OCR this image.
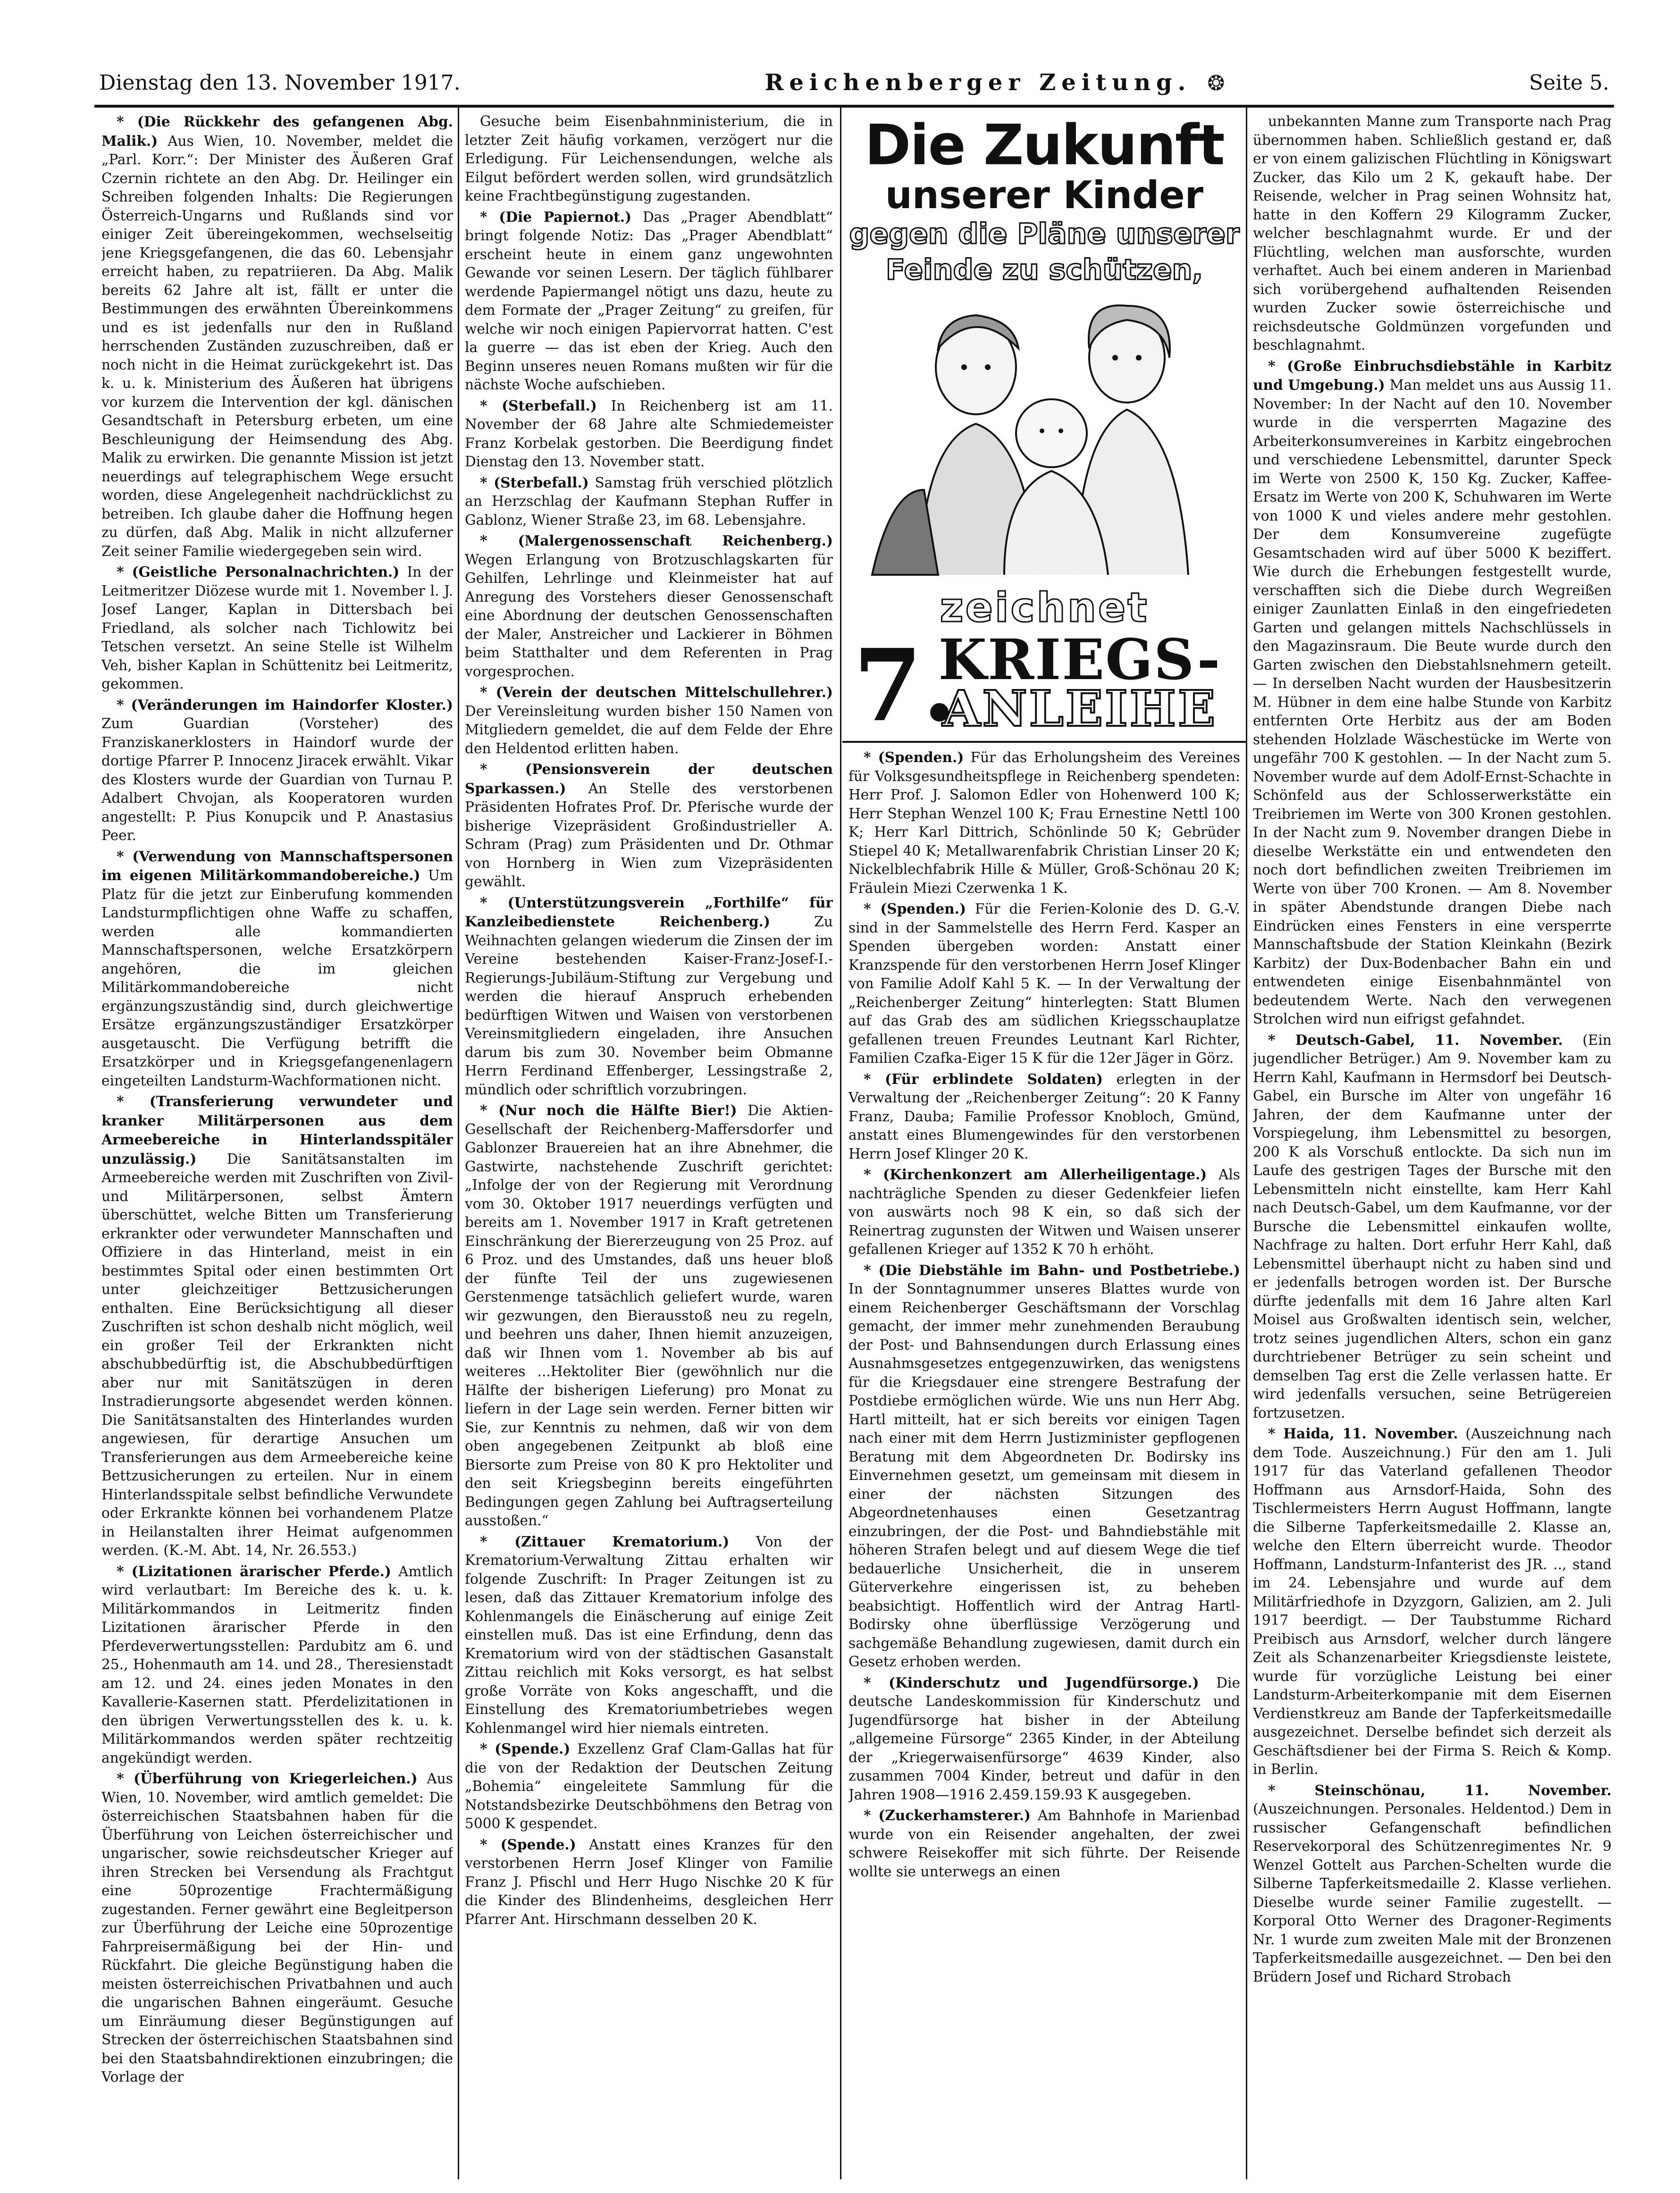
Dienstag den 13. November 1917.	Reichenberger Zeitung. ❂	Seite 5.

* (Die Rückkehr des gefangenen Abg. Malik.) Aus Wien, 10. November, meldet die „Parl. Korr.“: Der Minister des Äußeren Graf Czernin richtete an den Abg. Dr. Heilinger ein Schreiben folgenden Inhalts: Die Regierungen Österreich-Ungarns und Rußlands sind vor einiger Zeit übereingekommen, wechselseitig jene Kriegsgefangenen, die das 60. Lebensjahr erreicht haben, zu repatriieren. Da Abg. Malik bereits 62 Jahre alt ist, fällt er unter die Bestimmungen des erwähnten Übereinkommens und es ist jedenfalls nur den in Rußland herrschenden Zuständen zuzuschreiben, daß er noch nicht in die Heimat zurückgekehrt ist. Das k. u. k. Ministerium des Äußeren hat übrigens vor kurzem die Intervention der kgl. dänischen Gesandtschaft in Petersburg erbeten, um eine Beschleunigung der Heimsendung des Abg. Malik zu erwirken. Die genannte Mission ist jetzt neuerdings auf telegraphischem Wege ersucht worden, diese Angelegenheit nachdrücklichst zu betreiben. Ich glaube daher die Hoffnung hegen zu dürfen, daß Abg. Malik in nicht allzuferner Zeit seiner Familie wiedergegeben sein wird.

* (Geistliche Personalnachrichten.) In der Leitmeritzer Diözese wurde mit 1. November l. J. Josef Langer, Kaplan in Dittersbach bei Friedland, als solcher nach Tichlowitz bei Tetschen versetzt. An seine Stelle ist Wilhelm Veh, bisher Kaplan in Schüttenitz bei Leitmeritz, gekommen.

* (Veränderungen im Haindorfer Kloster.) Zum Guardian (Vorsteher) des Franziskanerklosters in Haindorf wurde der dortige Pfarrer P. Innocenz Jiracek erwählt. Vikar des Klosters wurde der Guardian von Turnau P. Adalbert Chvojan, als Kooperatoren wurden angestellt: P. Pius Konupcik und P. Anastasius Peer.

* (Verwendung von Mannschaftspersonen im eigenen Militärkommandobereiche.) Um Platz für die jetzt zur Einberufung kommenden Landsturmpflichtigen ohne Waffe zu schaffen, werden alle kommandierten Mannschaftspersonen, welche Ersatzkörpern angehören, die im gleichen Militärkommandobereiche nicht ergänzungszuständig sind, durch gleichwertige Ersätze ergänzungszuständiger Ersatzkörper ausgetauscht. Die Verfügung betrifft die Ersatzkörper und in Kriegsgefangenenlagern eingeteilten Landsturm-Wachformationen nicht.

* (Transferierung verwundeter und kranker Militärpersonen aus dem Armeebereiche in Hinterlandsspitäler unzulässig.) Die Sanitätsanstalten im Armeebereiche werden mit Zuschriften von Zivil- und Militärpersonen, selbst Ämtern überschüttet, welche Bitten um Transferierung erkrankter oder verwundeter Mannschaften und Offiziere in das Hinterland, meist in ein bestimmtes Spital oder einen bestimmten Ort unter gleichzeitiger Bettzusicherungen enthalten. Eine Berücksichtigung all dieser Zuschriften ist schon deshalb nicht möglich, weil ein großer Teil der Erkrankten nicht abschubbedürftig ist, die Abschubbedürftigen aber nur mit Sanitätszügen in deren Instradierungsorte abgesendet werden können. Die Sanitätsanstalten des Hinterlandes wurden angewiesen, für derartige Ansuchen um Transferierungen aus dem Armeebereiche keine Bettzusicherungen zu erteilen. Nur in einem Hinterlandsspitale selbst befindliche Verwundete oder Erkrankte können bei vorhandenem Platze in Heilanstalten ihrer Heimat aufgenommen werden. (K.-M. Abt. 14, Nr. 26.553.)

* (Lizitationen ärarischer Pferde.) Amtlich wird verlautbart: Im Bereiche des k. u. k. Militärkommandos in Leitmeritz finden Lizitationen ärarischer Pferde in den Pferdeverwertungsstellen: Pardubitz am 6. und 25., Hohenmauth am 14. und 28., Theresienstadt am 12. und 24. eines jeden Monates in den Kavallerie-Kasernen statt. Pferdelizitationen in den übrigen Verwertungsstellen des k. u. k. Militärkommandos werden später rechtzeitig angekündigt werden.

* (Überführung von Kriegerleichen.) Aus Wien, 10. November, wird amtlich gemeldet: Die österreichischen Staatsbahnen haben für die Überführung von Leichen österreichischer und ungarischer, sowie reichsdeutscher Krieger auf ihren Strecken bei Versendung als Frachtgut eine 50prozentige Frachtermäßigung zugestanden. Ferner gewährt eine Begleitperson zur Überführung der Leiche eine 50prozentige Fahrpreisermäßigung bei der Hin- und Rückfahrt. Die gleiche Begünstigung haben die meisten österreichischen Privatbahnen und auch die ungarischen Bahnen eingeräumt. Gesuche um Einräumung dieser Begünstigungen auf Strecken der österreichischen Staatsbahnen sind bei den Staatsbahndirektionen einzubringen; die Vorlage der

Gesuche beim Eisenbahnministerium, die in letzter Zeit häufig vorkamen, verzögert nur die Erledigung. Für Leichensendungen, welche als Eilgut befördert werden sollen, wird grundsätzlich keine Frachtbegünstigung zugestanden.

* (Die Papiernot.) Das „Prager Abendblatt“ bringt folgende Notiz: Das „Prager Abendblatt“ erscheint heute in einem ganz ungewohnten Gewande vor seinen Lesern. Der täglich fühlbarer werdende Papiermangel nötigt uns dazu, heute zu dem Formate der „Prager Zeitung“ zu greifen, für welche wir noch einigen Papiervorrat hatten. C'est la guerre — das ist eben der Krieg. Auch den Beginn unseres neuen Romans mußten wir für die nächste Woche aufschieben.

* (Sterbefall.) In Reichenberg ist am 11. November der 68 Jahre alte Schmiedemeister Franz Korbelak gestorben. Die Beerdigung findet Dienstag den 13. November statt.

* (Sterbefall.) Samstag früh verschied plötzlich an Herzschlag der Kaufmann Stephan Ruffer in Gablonz, Wiener Straße 23, im 68. Lebensjahre.

* (Malergenossenschaft Reichenberg.) Wegen Erlangung von Brotzuschlagskarten für Gehilfen, Lehrlinge und Kleinmeister hat auf Anregung des Vorstehers dieser Genossenschaft eine Abordnung der deutschen Genossenschaften der Maler, Anstreicher und Lackierer in Böhmen beim Statthalter und dem Referenten in Prag vorgesprochen.

* (Verein der deutschen Mittelschullehrer.) Der Vereinsleitung wurden bisher 150 Namen von Mitgliedern gemeldet, die auf dem Felde der Ehre den Heldentod erlitten haben.

* (Pensionsverein der deutschen Sparkassen.) An Stelle des verstorbenen Präsidenten Hofrates Prof. Dr. Pferische wurde der bisherige Vizepräsident Großindustrieller A. Schram (Prag) zum Präsidenten und Dr. Othmar von Hornberg in Wien zum Vizepräsidenten gewählt.

* (Unterstützungsverein „Forthilfe“ für Kanzleibedienstete Reichenberg.)	Zu Weihnachten gelangen wiederum die Zinsen der im Vereine bestehenden Kaiser-Franz-Josef-I.-Regierungs-Jubiläum-Stiftung zur Vergebung und werden die hierauf Anspruch erhebenden bedürftigen Witwen und Waisen von verstorbenen Vereinsmitgliedern eingeladen, ihre Ansuchen darum bis zum 30. November beim Obmanne Herrn Ferdinand Effenberger, Lessingstraße 2, mündlich oder schriftlich vorzubringen.

* (Nur noch die Hälfte Bier!) Die Aktien-Gesellschaft der Reichenberg-Maffersdorfer und Gablonzer Brauereien hat an ihre Abnehmer, die Gastwirte, nachstehende Zuschrift gerichtet: „Infolge der von der Regierung mit Verordnung vom 30. Oktober 1917 neuerdings verfügten und bereits am 1. November 1917 in Kraft getretenen Einschränkung der Biererzeugung von 25 Proz. auf 6 Proz. und des Umstandes, daß uns heuer bloß der fünfte Teil der uns zugewiesenen Gerstenmenge tatsächlich geliefert wurde, waren wir gezwungen, den Bierausstoß neu zu regeln, und beehren uns daher, Ihnen hiemit anzuzeigen, daß wir Ihnen vom 1. November ab bis auf weiteres ...Hektoliter Bier (gewöhnlich nur die Hälfte der bisherigen Lieferung) pro Monat zu liefern in der Lage sein werden. Ferner bitten wir Sie, zur Kenntnis zu nehmen, daß wir von dem oben angegebenen Zeitpunkt ab bloß eine Biersorte zum Preise von 80 K pro Hektoliter und den seit Kriegsbeginn bereits eingeführten Bedingungen gegen Zahlung bei Auftragserteilung ausstoßen.“

* (Zittauer Krematorium.) Von der Krematorium-Verwaltung Zittau erhalten wir folgende Zuschrift: In Prager Zeitungen ist zu lesen, daß das Zittauer Krematorium infolge des Kohlenmangels die Einäscherung auf einige Zeit einstellen muß. Das ist eine Erfindung, denn das Krematorium wird von der städtischen Gasanstalt Zittau reichlich mit Koks versorgt, es hat selbst große Vorräte von Koks angeschafft, und die Einstellung des Krematoriumbetriebes wegen Kohlenmangel wird hier niemals eintreten.

* (Spende.) Exzellenz Graf Clam-Gallas hat für die von der Redaktion der Deutschen Zeitung „Bohemia“ eingeleitete Sammlung für die Notstandsbezirke Deutschböhmens den Betrag von 5000 K gespendet.

* (Spende.) Anstatt eines Kranzes für den verstorbenen Herrn Josef Klinger von Familie Franz J. Pfischl und Herr Hugo Nischke 20 K für die Kinder des Blindenheims, desgleichen Herr Pfarrer Ant. Hirschmann desselben 20 K.

* (Spenden.) Für das Erholungsheim des Vereines für Volksgesundheitspflege in Reichenberg spendeten: Herr Prof. J. Salomon Edler von Hohenwerd 100 K; Herr Stephan Wenzel 100 K; Frau Ernestine Nettl 100 K; Herr Karl Dittrich, Schönlinde 50 K; Gebrüder Stiepel 40 K; Metallwarenfabrik Christian Linser 20 K; Nickelblechfabrik Hille & Müller, Groß-Schönau 20 K; Fräulein Miezi Czerwenka 1 K.

* (Spenden.) Für die Ferien-Kolonie des D. G.-V. sind in der Sammelstelle des Herrn Ferd. Kasper an Spenden übergeben worden: Anstatt einer Kranzspende für den verstorbenen Herrn Josef Klinger von Familie Adolf Kahl 5 K. — In der Verwaltung der „Reichenberger Zeitung“ hinterlegten: Statt Blumen auf das Grab des am südlichen Kriegsschauplatze gefallenen treuen Freundes Leutnant Karl Richter, Familien Czafka-Eiger 15 K für die 12er Jäger in Görz.

* (Für erblindete Soldaten) erlegten in der Verwaltung der „Reichenberger Zeitung“: 20 K Fanny Franz, Dauba; Familie Professor Knobloch, Gmünd, anstatt eines Blumengewindes für den verstorbenen Herrn Josef Klinger 20 K.

* (Kirchenkonzert am Allerheiligentage.) Als nachträgliche Spenden zu dieser Gedenkfeier liefen von auswärts noch 98 K ein, so daß sich der Reinertrag zugunsten der Witwen und Waisen unserer gefallenen Krieger auf 1352 K 70 h erhöht.

* (Die Diebstähle im Bahn- und Postbetriebe.) In der Sonntagnummer unseres Blattes wurde von einem Reichenberger Geschäftsmann der Vorschlag gemacht, der immer mehr zunehmenden Beraubung der Post- und Bahnsendungen durch Erlassung eines Ausnahmsgesetzes entgegenzuwirken, das wenigstens für die Kriegsdauer eine strengere Bestrafung der Postdiebe ermöglichen würde. Wie uns nun Herr Abg. Hartl mitteilt, hat er sich bereits vor einigen Tagen nach einer mit dem Herrn Justizminister gepflogenen Beratung mit dem Abgeordneten Dr. Bodirsky ins Einvernehmen gesetzt, um gemeinsam mit diesem in einer der nächsten Sitzungen des Abgeordnetenhauses einen Gesetzantrag einzubringen, der die Post- und Bahndiebstähle mit höheren Strafen belegt und auf diesem Wege die tief bedauerliche Unsicherheit, die in unserem Güterverkehre eingerissen ist, zu beheben beabsichtigt. Hoffentlich wird der Antrag Hartl-Bodirsky ohne überflüssige Verzögerung und sachgemäße Behandlung zugewiesen, damit durch ein Gesetz erhoben werden.

* (Kinderschutz und Jugendfürsorge.) Die deutsche Landeskommission für Kinderschutz und Jugendfürsorge hat bisher in der Abteilung „allgemeine Fürsorge“ 2365 Kinder, in der Abteilung der „Kriegerwaisenfürsorge“ 4639 Kinder, also zusammen 7004 Kinder, betreut und dafür in den Jahren 1908—1916 2.459.159.93 K ausgegeben.

* (Zuckerhamsterer.) Am Bahnhofe in Marienbad wurde von ein Reisender angehalten, der zwei schwere Reisekoffer mit sich führte. Der Reisende wollte sie unterwegs an einen

unbekannten Manne zum Transporte nach Prag übernommen haben. Schließlich gestand er, daß er von einem galizischen Flüchtling in Königswart Zucker, das Kilo um 2 K, gekauft habe. Der Reisende, welcher in Prag seinen Wohnsitz hat, hatte in den Koffern 29 Kilogramm Zucker, welcher beschlagnahmt wurde. Er und der Flüchtling, welchen man ausforschte, wurden verhaftet. Auch bei einem anderen in Marienbad sich vorübergehend aufhaltenden Reisenden wurden Zucker sowie österreichische und reichsdeutsche Goldmünzen vorgefunden und beschlagnahmt.

* (Große Einbruchsdiebstähle in Karbitz und Umgebung.) Man meldet uns aus Aussig 11. November: In der Nacht auf den 10. November wurde in die versperrten Magazine des Arbeiterkonsumvereines in Karbitz eingebrochen und verschiedene Lebensmittel, darunter Speck im Werte von 2500 K, 150 Kg. Zucker, Kaffee-Ersatz im Werte von 200 K, Schuhwaren im Werte von 1000 K und vieles andere mehr gestohlen. Der dem Konsumvereine zugefügte Gesamtschaden wird auf über 5000 K beziffert. Wie durch die Erhebungen festgestellt wurde, verschafften sich die Diebe durch Wegreißen einiger Zaunlatten Einlaß in den eingefriedeten Garten und gelangen mittels Nachschlüssels in den Magazinsraum. Die Beute wurde durch den Garten zwischen den Diebstahlsnehmern geteilt. — In derselben Nacht wurden der Hausbesitzerin M. Hübner in dem eine halbe Stunde von Karbitz entfernten Orte Herbitz aus der am Boden stehenden Holzlade Wäschestücke im Werte von ungefähr 700 K gestohlen. — In der Nacht zum 5. November wurde auf dem Adolf-Ernst-Schachte in Schönfeld aus der Schlosserwerkstätte ein Treibriemen im Werte von 300 Kronen gestohlen. In der Nacht zum 9. November drangen Diebe in dieselbe Werkstätte ein und entwendeten den noch dort befindlichen zweiten Treibriemen im Werte von über 700 Kronen. — Am 8. November in später Abendstunde drangen Diebe nach Eindrücken eines Fensters in eine versperrte Mannschaftsbude der Station Kleinkahn (Bezirk Karbitz) der Dux-Bodenbacher Bahn ein und entwendeten einige Eisenbahnmäntel von bedeutendem Werte. Nach den verwegenen Strolchen wird nun eifrigst gefahndet.

* Deutsch-Gabel, 11. November. (Ein jugendlicher Betrüger.) Am 9. November kam zu Herrn Kahl, Kaufmann in Hermsdorf bei Deutsch-Gabel, ein Bursche im Alter von ungefähr 16 Jahren, der dem Kaufmanne unter der Vorspiegelung, ihm Lebensmittel zu besorgen, 200 K als Vorschuß entlockte. Da sich nun im Laufe des gestrigen Tages der Bursche mit den Lebensmitteln nicht einstellte, kam Herr Kahl nach Deutsch-Gabel, um dem Kaufmanne, vor der Bursche die Lebensmittel einkaufen wollte, Nachfrage zu halten. Dort erfuhr Herr Kahl, daß Lebensmittel überhaupt nicht zu haben sind und er jedenfalls betrogen worden ist. Der Bursche dürfte jedenfalls mit dem 16 Jahre alten Karl Moisel aus Großwalten identisch sein, welcher, trotz seines jugendlichen Alters, schon ein ganz durchtriebener Betrüger zu sein scheint und demselben Tag erst die Zelle verlassen hatte. Er wird jedenfalls versuchen, seine Betrügereien fortzusetzen.

* Haida, 11. November. (Auszeichnung nach dem Tode. Auszeichnung.) Für den am 1. Juli 1917 für das Vaterland gefallenen Theodor Hoffmann aus Arnsdorf-Haida, Sohn des Tischlermeisters Herrn August Hoffmann, langte die Silberne Tapferkeitsmedaille 2. Klasse an, welche den Eltern überreicht wurde. Theodor Hoffmann, Landsturm-Infanterist des JR. .., stand im 24. Lebensjahre und wurde auf dem Militärfriedhofe in Dzyzgorn, Galizien, am 2. Juli 1917 beerdigt. — Der Taubstumme Richard Preibisch aus Arnsdorf, welcher durch längere Zeit als Schanzenarbeiter Kriegsdienste leistete, wurde für vorzügliche Leistung bei einer Landsturm-Arbeiterkompanie mit dem Eisernen Verdienstkreuz am Bande der Tapferkeitsmedaille ausgezeichnet. Derselbe befindet sich derzeit als Geschäftsdiener bei der Firma S. Reich & Komp. in Berlin.

* Steinschönau, 11. November. (Auszeichnungen. Personales. Heldentod.) Dem in russischer Gefangenschaft befindlichen Reservekorporal des Schützenregimentes Nr. 9 Wenzel Gottelt aus Parchen-Schelten wurde die Silberne Tapferkeitsmedaille 2. Klasse verliehen. Dieselbe wurde seiner Familie zugestellt. — Korporal Otto Werner des Dragoner-Regiments Nr. 1 wurde zum zweiten Male mit der Bronzenen Tapferkeitsmedaille ausgezeichnet. — Den bei den Brüdern Josef und Richard Strobach

Die Zukunft
unserer Kinder
gegen die Pläne unserer
Feinde zu schützen,
zeichnet
7.
KRIEGS-
ANLEIHE
